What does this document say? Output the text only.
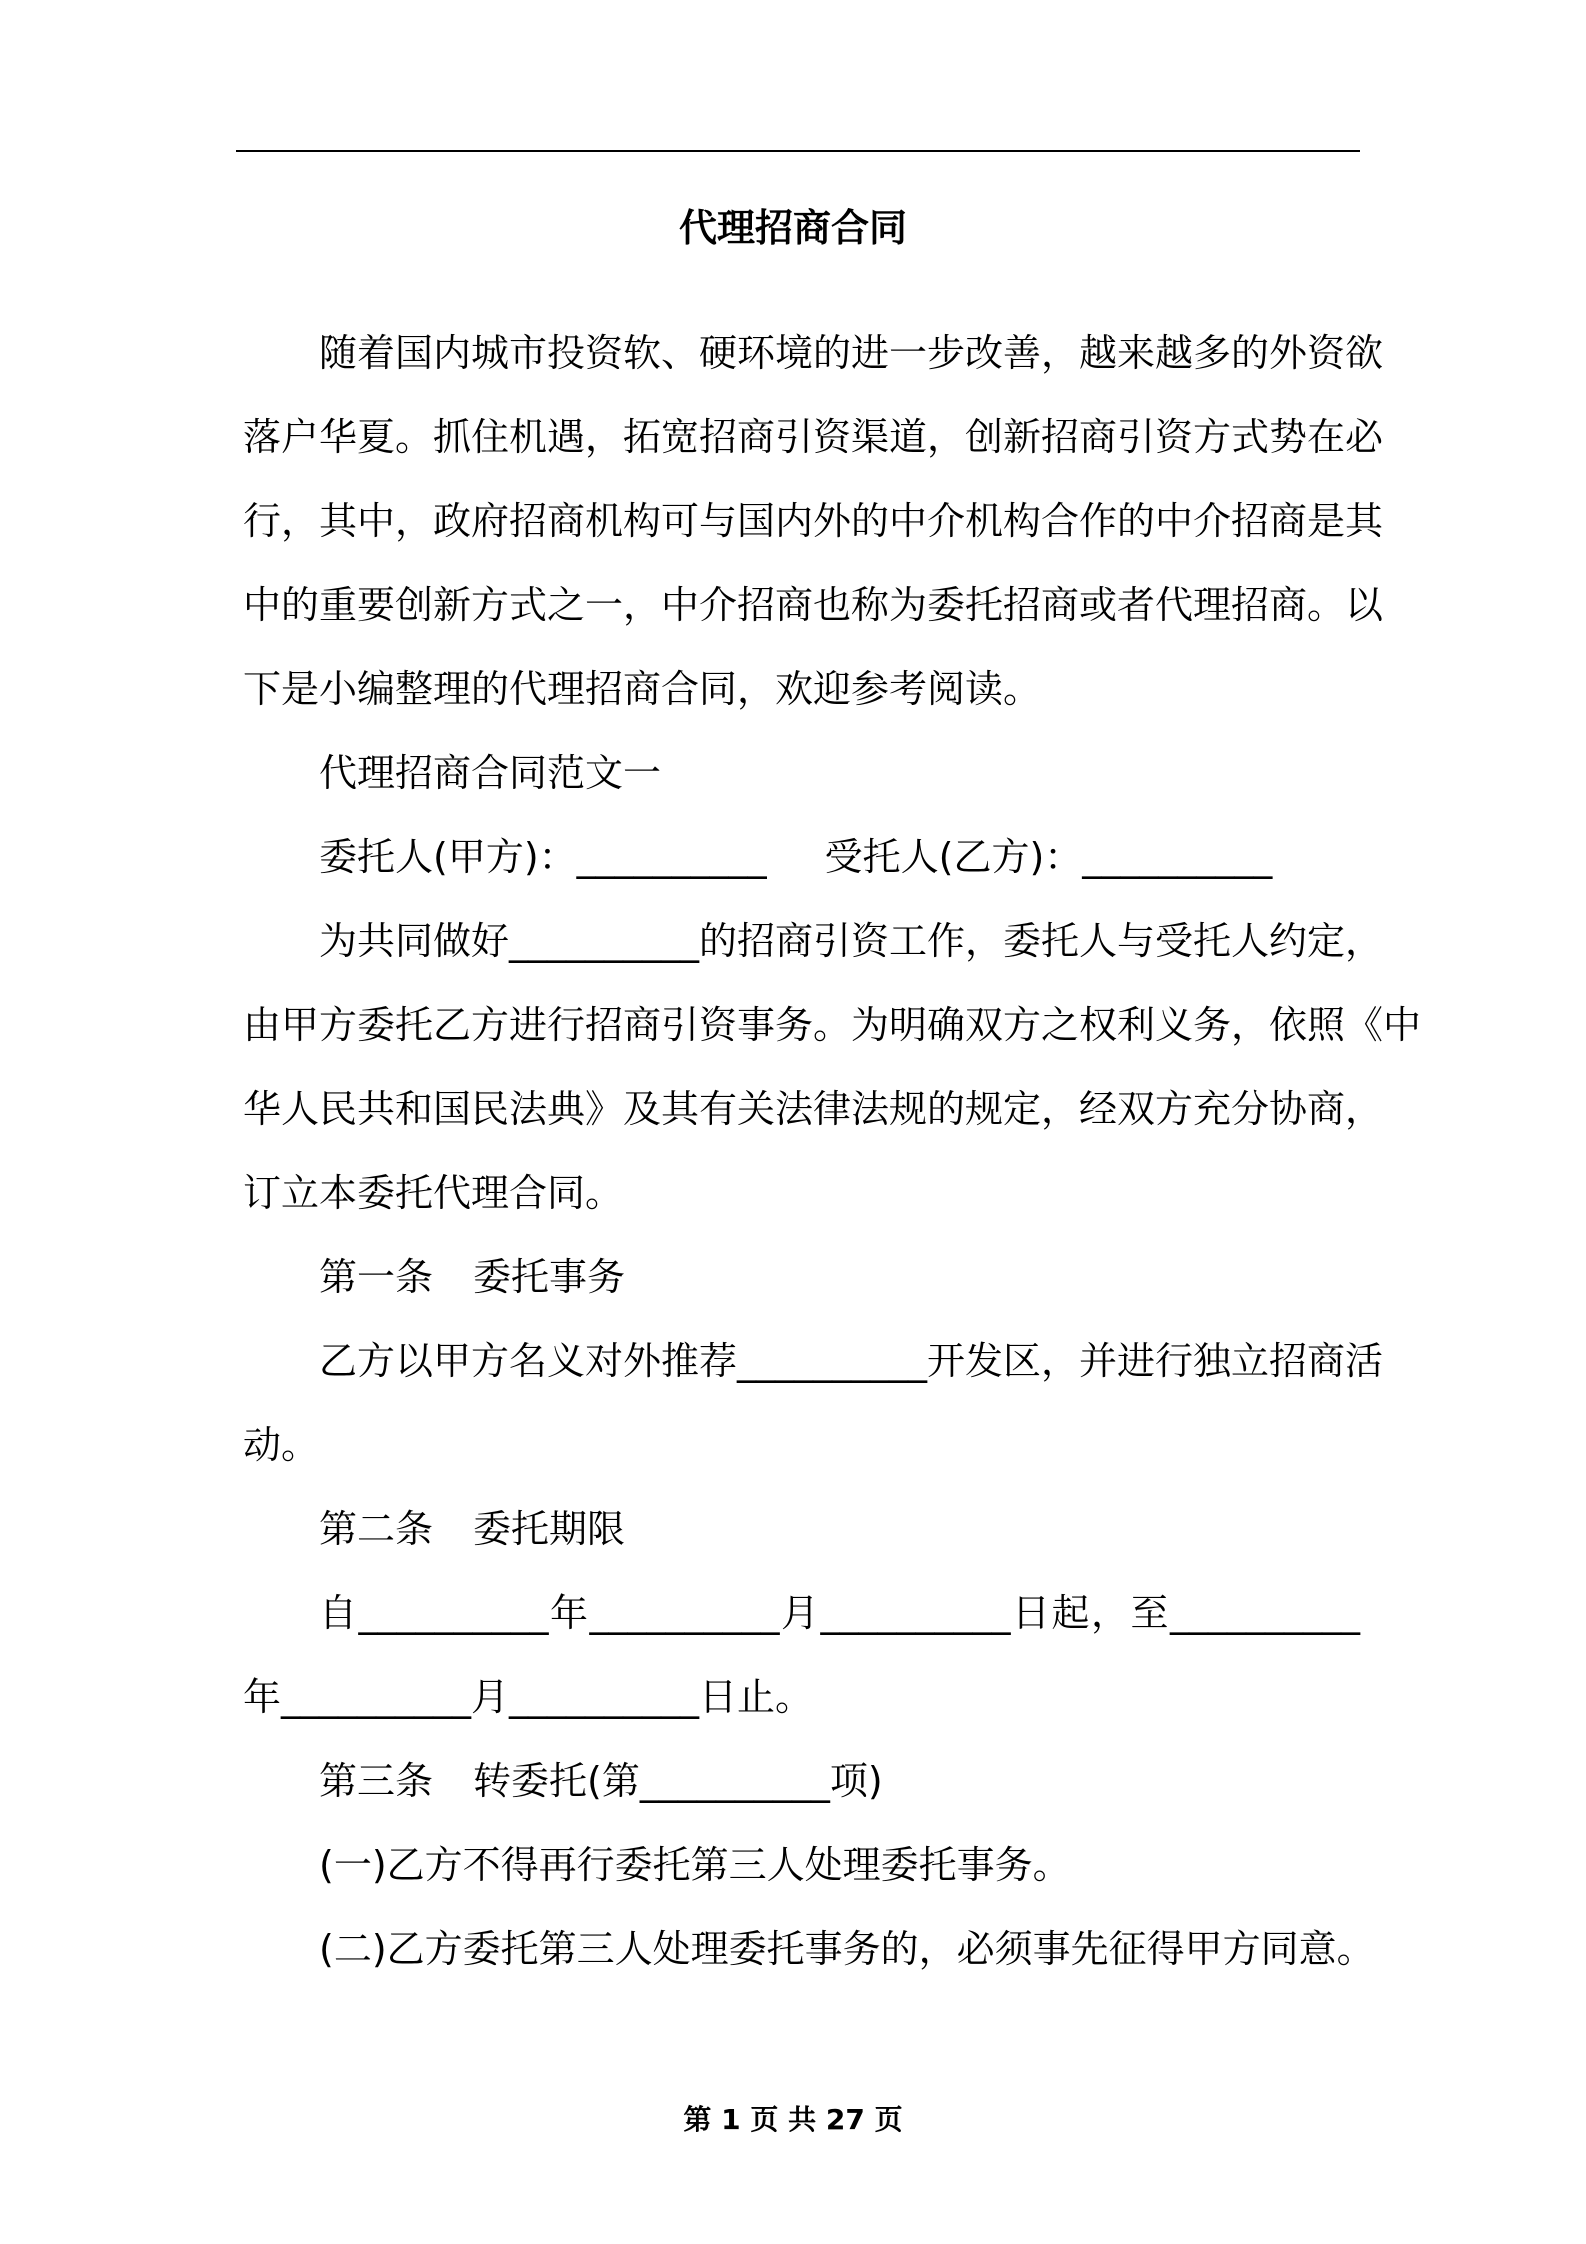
代理招商合同
随着国内城市投资软、硬环境的进一步改善，越来越多的外资欲
落户华夏。抓住机遇，拓宽招商引资渠道，创新招商引资方式势在必
行，其中，政府招商机构可与国内外的中介机构合作的中介招商是其
中的重要创新方式之一，中介招商也称为委托招商或者代理招商。以
下是小编整理的代理招商合同，欢迎参考阅读。
代理招商合同范文一
委托人(甲方)：__________ 受托人(乙方)：__________
为共同做好__________的招商引资工作，委托人与受托人约定，
由甲方委托乙方进行招商引资事务。为明确双方之权利义务，依照《中
华人民共和国民法典》及其有关法律法规的规定，经双方充分协商，
订立本委托代理合同。
第一条 委托事务
乙方以甲方名义对外推荐__________开发区，并进行独立招商活
动。
第二条 委托期限
自__________年__________月__________日起，至__________
年__________月__________日止。
第三条 转委托(第__________项)
(一)乙方不得再行委托第三人处理委托事务。
(二)乙方委托第三人处理委托事务的，必须事先征得甲方同意。
第 1 页 共 27 页
